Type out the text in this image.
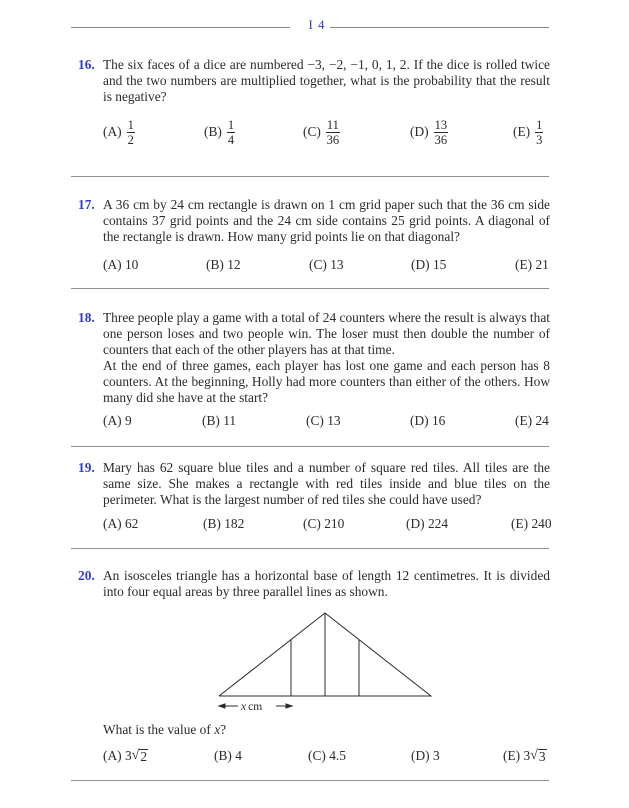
I 4
16. The six faces of a dice are numbered −3, −2, −1, 0, 1, 2. If the dice is rolled twice and the two numbers are multiplied together, what is the probability that the result is negative?
$(A) \frac{1}{2}$	$(B) \frac{1}{4}$	$(C) \frac{11}{36}$	$(D) \frac{13}{36}$	$(E) \frac{1}{3}$
17. A 36 cm by 24 cm rectangle is drawn on 1 cm grid paper such that the 36 cm side contains 37 grid points and the 24 cm side contains 25 grid points. A diagonal of the rectangle is drawn. How many grid points lie on that diagonal?
(A)
10	(B)
12	(C)
13	(D)
15	(E)
21
18. Three people play a game with a total of 24 counters where the result is always that one person loses and two people win. The loser must then double the number of counters that each of the other players has at that time.
At the end of three games, each player has lost one game and each person has 8 counters. At the beginning, Holly had more counters than either of the others. How many did she have at the start?
(A)
9	(B)
11	(C)
13	(D)
16	(E)
24
19. Mary has 62 square blue tiles and a number of square red tiles. All tiles are the same size. She makes a rectangle with red tiles inside and blue tiles on the perimeter. What is the largest number of red tiles she could have used?
(A)
62	(B)
182	(C)
210	(D)
224	(E)
240
20. An isosceles triangle has a horizontal base of length 12 centimetres. It is divided into four equal areas by three parallel lines as shown.
x cm
What is the value of x?
(A)
3 √ 2	(B)
4	(C)
4.5	(D)
3	(E)
3 √ 3
